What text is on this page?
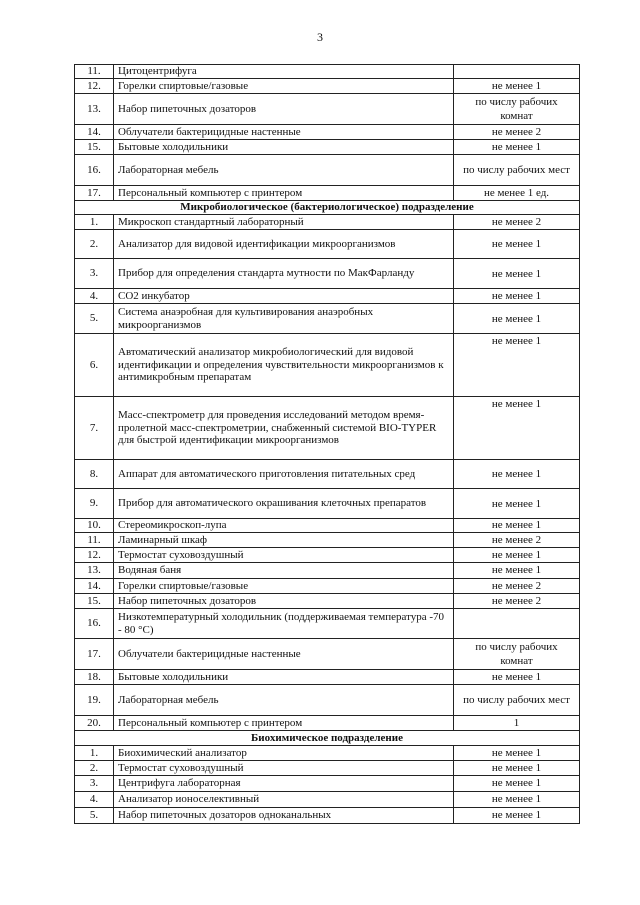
3
11.	Цитоцентрифуга	
12.	Горелки спиртовые/газовые	не менее 1
13.	Набор пипеточных дозаторов	по числу рабочих комнат
14.	Облучатели бактерицидные настенные	не менее 2
15.	Бытовые холодильники	не менее 1
16.	Лабораторная мебель	по числу рабочих мест
17.	Персональный компьютер с принтером	не менее 1 ед.
Микробиологическое (бактериологическое) подразделение		
1.	Микроскоп стандартный лабораторный	не менее 2
2.	Анализатор для видовой идентификации микроорганизмов	не менее 1
3.	Прибор для определения стандарта мутности по МакФарланду	не менее 1
4.	CO2 инкубатор	не менее 1
5.	Система анаэробная для культивирования анаэробных микроорганизмов	не менее 1
6.	Автоматический анализатор микробиологический для видовой идентификации и определения чувствительности микроорганизмов к антимикробным препаратам	не менее 1
7.	Масс-спектрометр для проведения исследований методом время-пролетной масс-спектрометрии, снабженный системой BIO-TYPER для быстрой идентификации микроорганизмов	не менее 1
8.	Аппарат для автоматического приготовления питательных сред	не менее 1
9.	Прибор для автоматического окрашивания клеточных препаратов	не менее 1
10.	Стереомикроскоп-лупа	не менее 1
11.	Ламинарный шкаф	не менее 2
12.	Термостат суховоздушный	не менее 1
13.	Водяная баня	не менее 1
14.	Горелки спиртовые/газовые	не менее 2
15.	Набор пипеточных дозаторов	не менее 2
16.	Низкотемпературный холодильник (поддерживаемая температура -70 - 80 °С)	
17.	Облучатели бактерицидные настенные	по числу рабочих комнат
18.	Бытовые холодильники	не менее 1
19.	Лабораторная мебель	по числу рабочих мест
20.	Персональный компьютер с принтером	1
Биохимическое подразделение		
1.	Биохимический анализатор	не менее 1
2.	Термостат суховоздушный	не менее 1
3.	Центрифуга лабораторная	не менее 1
4.	Анализатор ионоселективный	не менее 1
5.	Набор пипеточных дозаторов одноканальных	не менее 1
